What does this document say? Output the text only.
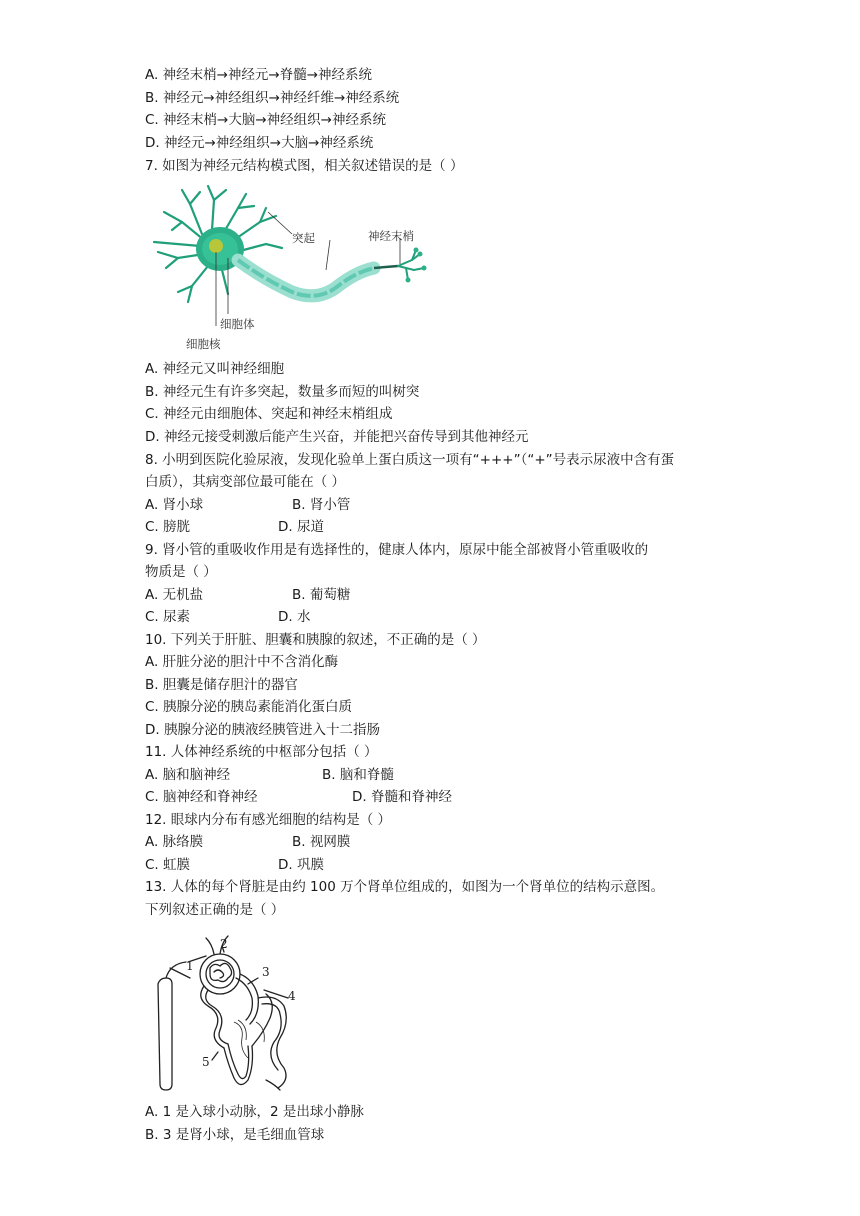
A. 神经末梢→神经元→脊髓→神经系统
B. 神经元→神经组织→神经纤维→神经系统
C. 神经末梢→大脑→神经组织→神经系统
D. 神经元→神经组织→大脑→神经系统
7. 如图为神经元结构模式图，相关叙述错误的是（ ）
突起	神经末梢
细胞体
细胞核
A. 神经元又叫神经细胞
B. 神经元生有许多突起，数量多而短的叫树突
C. 神经元由细胞体、突起和神经末梢组成
D. 神经元接受刺激后能产生兴奋，并能把兴奋传导到其他神经元
8. 小明到医院化验尿液，发现化验单上蛋白质这一项有“+++”（“+”号表示尿液中含有蛋
白质），其病变部位最可能在（ ）
A. 肾小球	B. 肾小管
C. 膀胱	D. 尿道
9. 肾小管的重吸收作用是有选择性的，健康人体内，原尿中能全部被肾小管重吸收的
物质是（ ）
A. 无机盐	B. 葡萄糖
C. 尿素	D. 水
10. 下列关于肝脏、胆囊和胰腺的叙述，不正确的是（ ）
A. 肝脏分泌的胆汁中不含消化酶
B. 胆囊是储存胆汁的器官
C. 胰腺分泌的胰岛素能消化蛋白质
D. 胰腺分泌的胰液经胰管进入十二指肠
11. 人体神经系统的中枢部分包括（ ）
A. 脑和脑神经	B. 脑和脊髓
C. 脑神经和脊神经	D. 脊髓和脊神经
12. 眼球内分布有感光细胞的结构是（ ）
A. 脉络膜	B. 视网膜
C. 虹膜	D. 巩膜
13. 人体的每个肾脏是由约 100 万个肾单位组成的，如图为一个肾单位的结构示意图。
下列叙述正确的是（ ）
1
2
3
4
5
A. 1 是入球小动脉，2 是出球小静脉
B. 3 是肾小球，是毛细血管球
